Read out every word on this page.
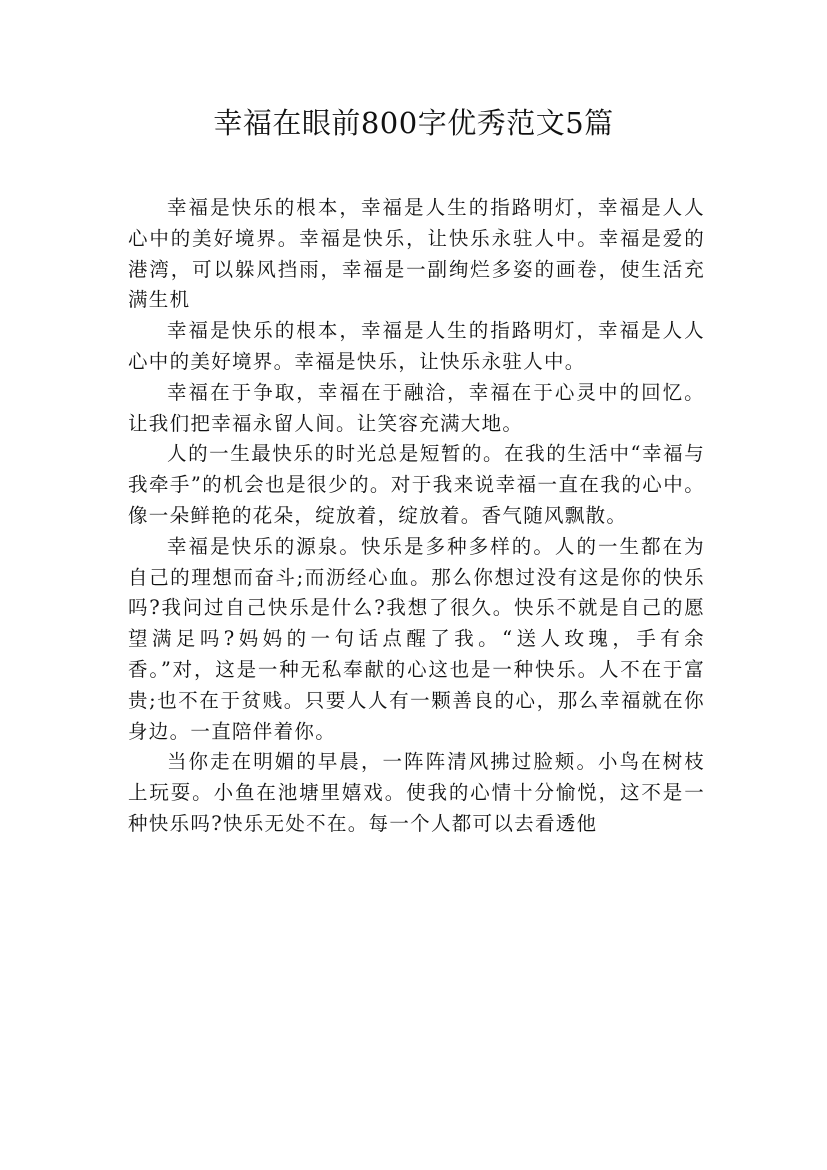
幸福在眼前800字优秀范文5篇

幸福是快乐的根本，幸福是人生的指路明灯，幸福是人人心中的美好境界。幸福是快乐，让快乐永驻人中。幸福是爱的港湾，可以躲风挡雨，幸福是一副绚烂多姿的画卷，使生活充满生机

幸福是快乐的根本，幸福是人生的指路明灯，幸福是人人心中的美好境界。幸福是快乐，让快乐永驻人中。

幸福在于争取，幸福在于融洽，幸福在于心灵中的回忆。让我们把幸福永留人间。让笑容充满大地。

人的一生最快乐的时光总是短暂的。在我的生活中“幸福与我牵手”的机会也是很少的。对于我来说幸福一直在我的心中。像一朵鲜艳的花朵，绽放着，绽放着。香气随风飘散。

幸福是快乐的源泉。快乐是多种多样的。人的一生都在为自己的理想而奋斗;而沥经心血。那么你想过没有这是你的快乐吗?我问过自己快乐是什么?我想了很久。快乐不就是自己的愿望满足吗?妈妈的一句话点醒了我。“送人玫瑰，手有余香。”对，这是一种无私奉献的心这也是一种快乐。人不在于富贵;也不在于贫贱。只要人人有一颗善良的心，那么幸福就在你身边。一直陪伴着你。

当你走在明媚的早晨，一阵阵清风拂过脸颊。小鸟在树枝上玩耍。小鱼在池塘里嬉戏。使我的心情十分愉悦，这不是一种快乐吗?快乐无处不在。每一个人都可以去看透他
